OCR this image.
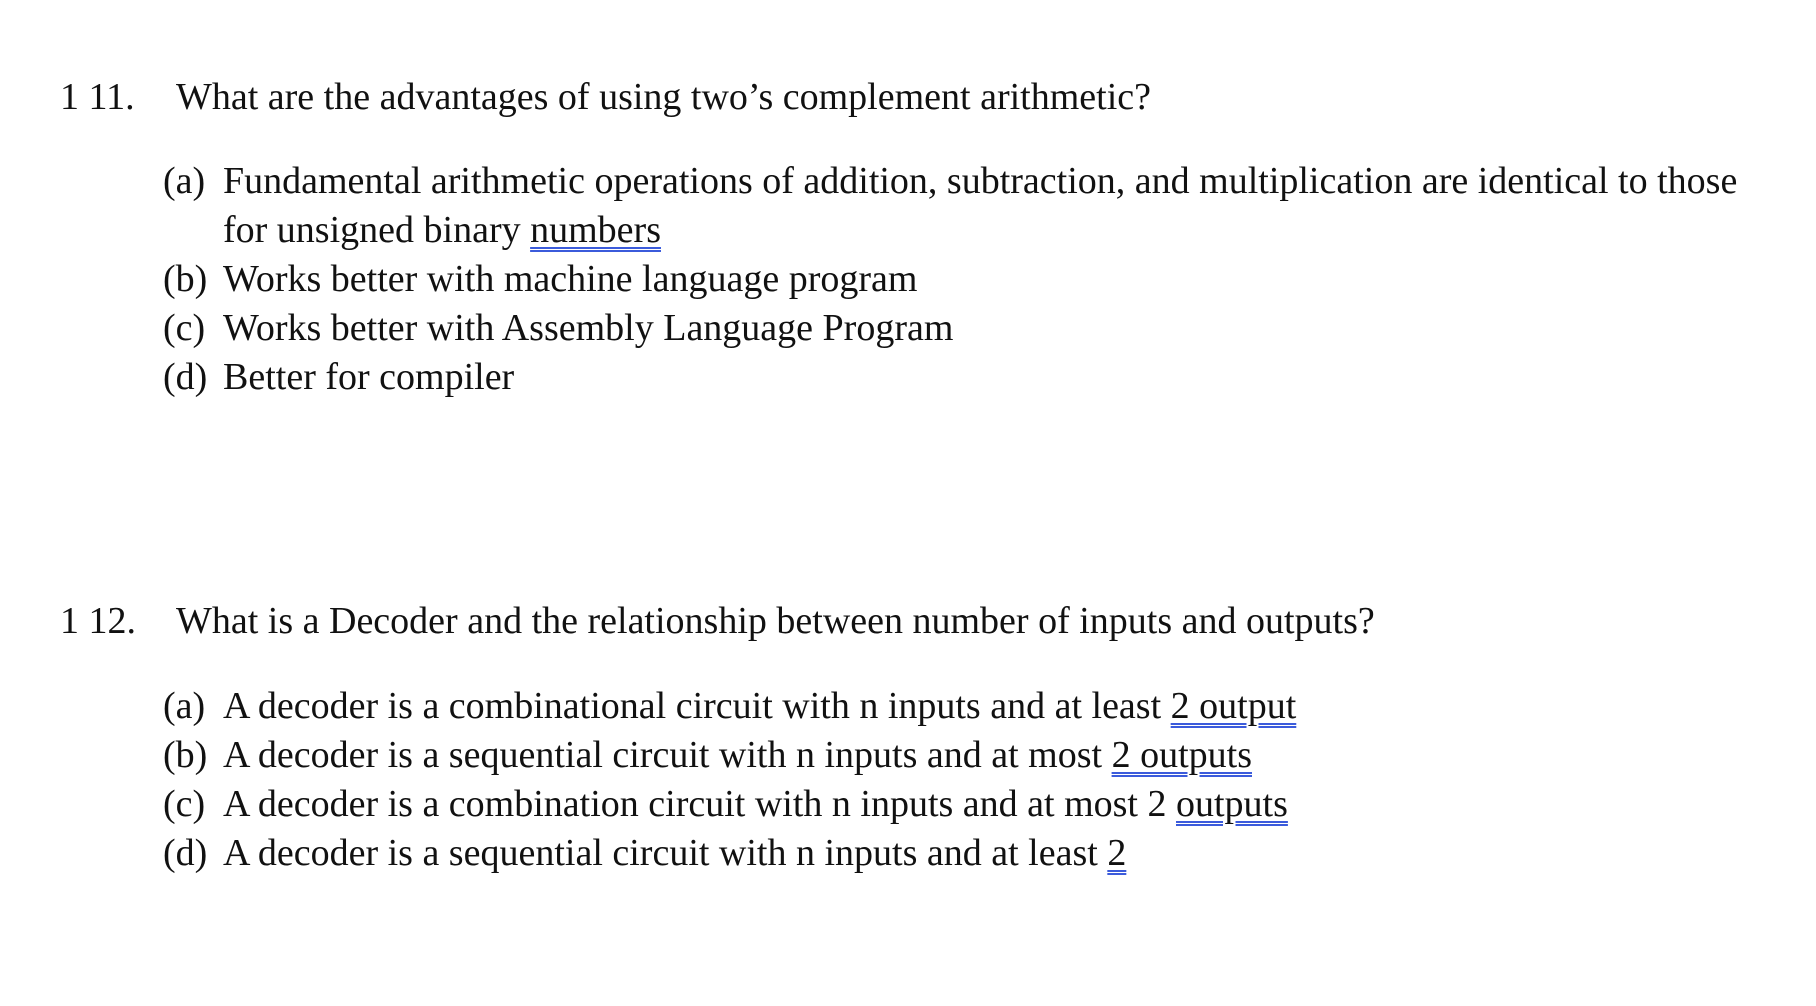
1 11. What are the advantages of using two’s complement arithmetic?
(a) Fundamental arithmetic operations of addition, subtraction, and multiplication are identical to those for unsigned binary numbers
(b) Works better with machine language program
(c) Works better with Assembly Language Program
(d) Better for compiler
1 12. What is a Decoder and the relationship between number of inputs and outputs?
(a) A decoder is a combinational circuit with n inputs and at least 2 output
(b) A decoder is a sequential circuit with n inputs and at most 2 outputs
(c) A decoder is a combination circuit with n inputs and at most 2 outputs
(d) A decoder is a sequential circuit with n inputs and at least 2
